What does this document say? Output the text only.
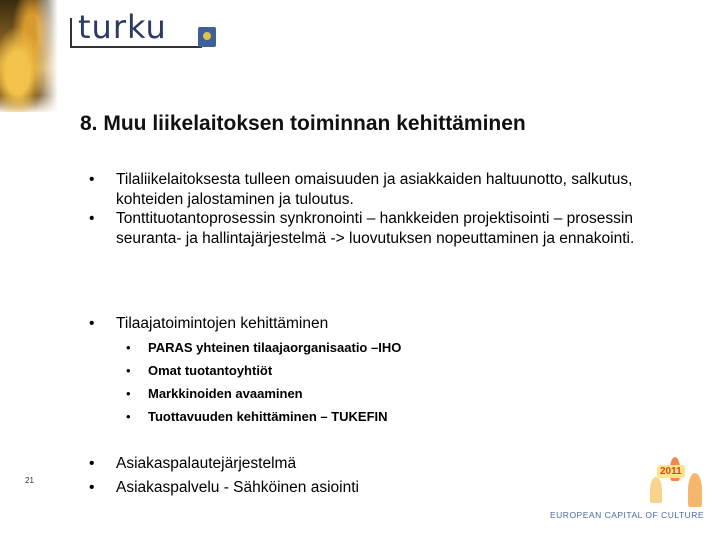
turku
8. Muu liikelaitoksen toiminnan kehittäminen
• Tilaliikelaitoksesta tulleen omaisuuden ja asiakkaiden haltuunotto, salkutus, kohteiden jalostaminen ja tuloutus.
• Tonttituotantoprosessin synkronointi – hankkeiden projektisointi – prosessin seuranta- ja hallintajärjestelmä -> luovutuksen nopeuttaminen ja ennakointi.
• Tilaajatoimintojen kehittäminen
• PARAS yhteinen tilaajaorganisaatio –IHO
• Omat tuotantoyhtiöt
• Markkinoiden avaaminen
• Tuottavuuden kehittäminen – TUKEFIN
• Asiakaspalautejärjestelmä
• Asiakaspalvelu - Sähköinen asiointi
21
2011
EUROPEAN CAPITAL OF CULTURE
